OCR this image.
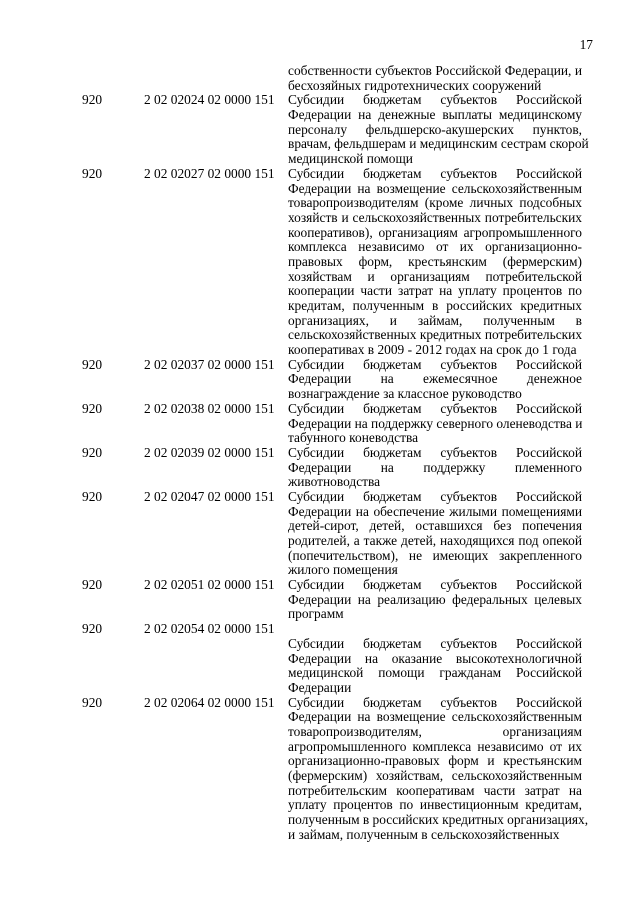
17
собственности субъектов Российской Федерации, и
бесхозяйных гидротехнических сооружений
920	2 02 02024 02 0000 151	Субсидии бюджетам субъектов Российской
Федерации на денежные выплаты медицинскому
персоналу фельдшерско-акушерских пунктов,
врачам, фельдшерам и медицинским сестрам скорой
медицинской помощи
920	2 02 02027 02 0000 151	Субсидии бюджетам субъектов Российской
Федерации на возмещение сельскохозяйственным
товаропроизводителям (кроме личных подсобных
хозяйств и сельскохозяйственных потребительских
кооперативов), организациям агропромышленного
комплекса независимо от их организационно-
правовых форм, крестьянским (фермерским)
хозяйствам и организациям потребительской
кооперации части затрат на уплату процентов по
кредитам, полученным в российских кредитных
организациях, и займам, полученным в
сельскохозяйственных кредитных потребительских
кооперативах в 2009 - 2012 годах на срок до 1 года
920	2 02 02037 02 0000 151	Субсидии бюджетам субъектов Российской
Федерации на ежемесячное денежное
вознаграждение за классное руководство
920	2 02 02038 02 0000 151	Субсидии бюджетам субъектов Российской
Федерации на поддержку северного оленеводства и
табунного коневодства
920	2 02 02039 02 0000 151	Субсидии бюджетам субъектов Российской
Федерации на поддержку племенного
животноводства
920	2 02 02047 02 0000 151	Субсидии бюджетам субъектов Российской
Федерации на обеспечение жилыми помещениями
детей-сирот, детей, оставшихся без попечения
родителей, а также детей, находящихся под опекой
(попечительством), не имеющих закрепленного
жилого помещения
920	2 02 02051 02 0000 151	Субсидии бюджетам субъектов Российской
Федерации на реализацию федеральных целевых
программ
920	2 02 02054 02 0000 151

Субсидии бюджетам субъектов Российской
Федерации на оказание высокотехнологичной
медицинской помощи гражданам Российской
Федерации
920	2 02 02064 02 0000 151	Субсидии бюджетам субъектов Российской
Федерации на возмещение сельскохозяйственным
товаропроизводителям, организациям
агропромышленного комплекса независимо от их
организационно-правовых форм и крестьянским
(фермерским) хозяйствам, сельскохозяйственным
потребительским кооперативам части затрат на
уплату процентов по инвестиционным кредитам,
полученным в российских кредитных организациях,
и займам, полученным в сельскохозяйственных
